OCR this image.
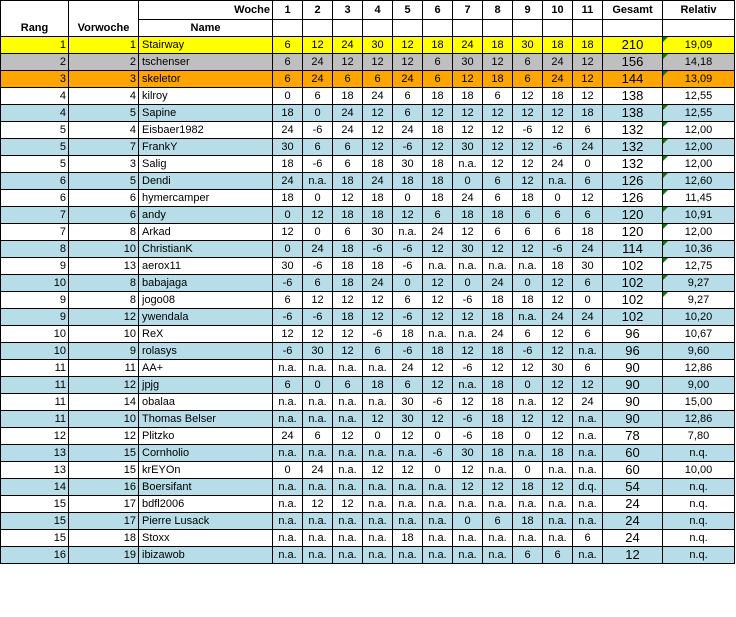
		Woche	1	2	3	4	5	6	7	8	9	10	11	Gesamt	Relativ
Rang	Vorwoche	Name													
1	1	Stairway	6	12	24	30	12	18	24	18	30	18	18	210	19,09
2	2	tschenser	6	24	12	12	12	6	30	12	6	24	12	156	14,18
3	3	skeletor	6	24	6	6	24	6	12	18	6	24	12	144	13,09
4	4	kilroy	0	6	18	24	6	18	18	6	12	18	12	138	12,55
4	5	Sapine	18	0	24	12	6	12	12	12	12	12	18	138	12,55
5	4	Eisbaer1982	24	-6	24	12	24	18	12	12	-6	12	6	132	12,00
5	7	FrankY	30	6	6	12	-6	12	30	12	12	-6	24	132	12,00
5	3	Salig	18	-6	6	18	30	18	n.a.	12	12	24	0	132	12,00
6	5	Dendi	24	n.a.	18	24	18	18	0	6	12	n.a.	6	126	12,60
6	6	hymercamper	18	0	12	18	0	18	24	6	18	0	12	126	11,45
7	6	andy	0	12	18	18	12	6	18	18	6	6	6	120	10,91
7	8	Arkad	12	0	6	30	n.a.	24	12	6	6	6	18	120	12,00
8	10	ChristianK	0	24	18	-6	-6	12	30	12	12	-6	24	114	10,36
9	13	aerox11	30	-6	18	18	-6	n.a.	n.a.	n.a.	n.a.	18	30	102	12,75
10	8	babajaga	-6	6	18	24	0	12	0	24	0	12	6	102	9,27
9	8	jogo08	6	12	12	12	6	12	-6	18	18	12	0	102	9,27
9	12	ywendala	-6	-6	18	12	-6	12	12	18	n.a.	24	24	102	10,20
10	10	ReX	12	12	12	-6	18	n.a.	n.a.	24	6	12	6	96	10,67
10	9	rolasys	-6	30	12	6	-6	18	12	18	-6	12	n.a.	96	9,60
11	11	AA+	n.a.	n.a.	n.a.	n.a.	24	12	-6	12	12	30	6	90	12,86
11	12	jpjg	6	0	6	18	6	12	n.a.	18	0	12	12	90	9,00
11	14	obalaa	n.a.	n.a.	n.a.	n.a.	30	-6	12	18	n.a.	12	24	90	15,00
11	10	Thomas Belser	n.a.	n.a.	n.a.	12	30	12	-6	18	12	12	n.a.	90	12,86
12	12	Plitzko	24	6	12	0	12	0	-6	18	0	12	n.a.	78	7,80
13	15	Cornholio	n.a.	n.a.	n.a.	n.a.	n.a.	-6	30	18	n.a.	18	n.a.	60	n.q.
13	15	krEYOn	0	24	n.a.	12	12	0	12	n.a.	0	n.a.	n.a.	60	10,00
14	16	Boersifant	n.a.	n.a.	n.a.	n.a.	n.a.	n.a.	12	12	18	12	d.q.	54	n.q.
15	17	bdfl2006	n.a.	12	12	n.a.	n.a.	n.a.	n.a.	n.a.	n.a.	n.a.	n.a.	24	n.q.
15	17	Pierre Lusack	n.a.	n.a.	n.a.	n.a.	n.a.	n.a.	0	6	18	n.a.	n.a.	24	n.q.
15	18	Stoxx	n.a.	n.a.	n.a.	n.a.	18	n.a.	n.a.	n.a.	n.a.	n.a.	6	24	n.q.
16	19	ibizawob	n.a.	n.a.	n.a.	n.a.	n.a.	n.a.	n.a.	n.a.	6	6	n.a.	12	n.q.
